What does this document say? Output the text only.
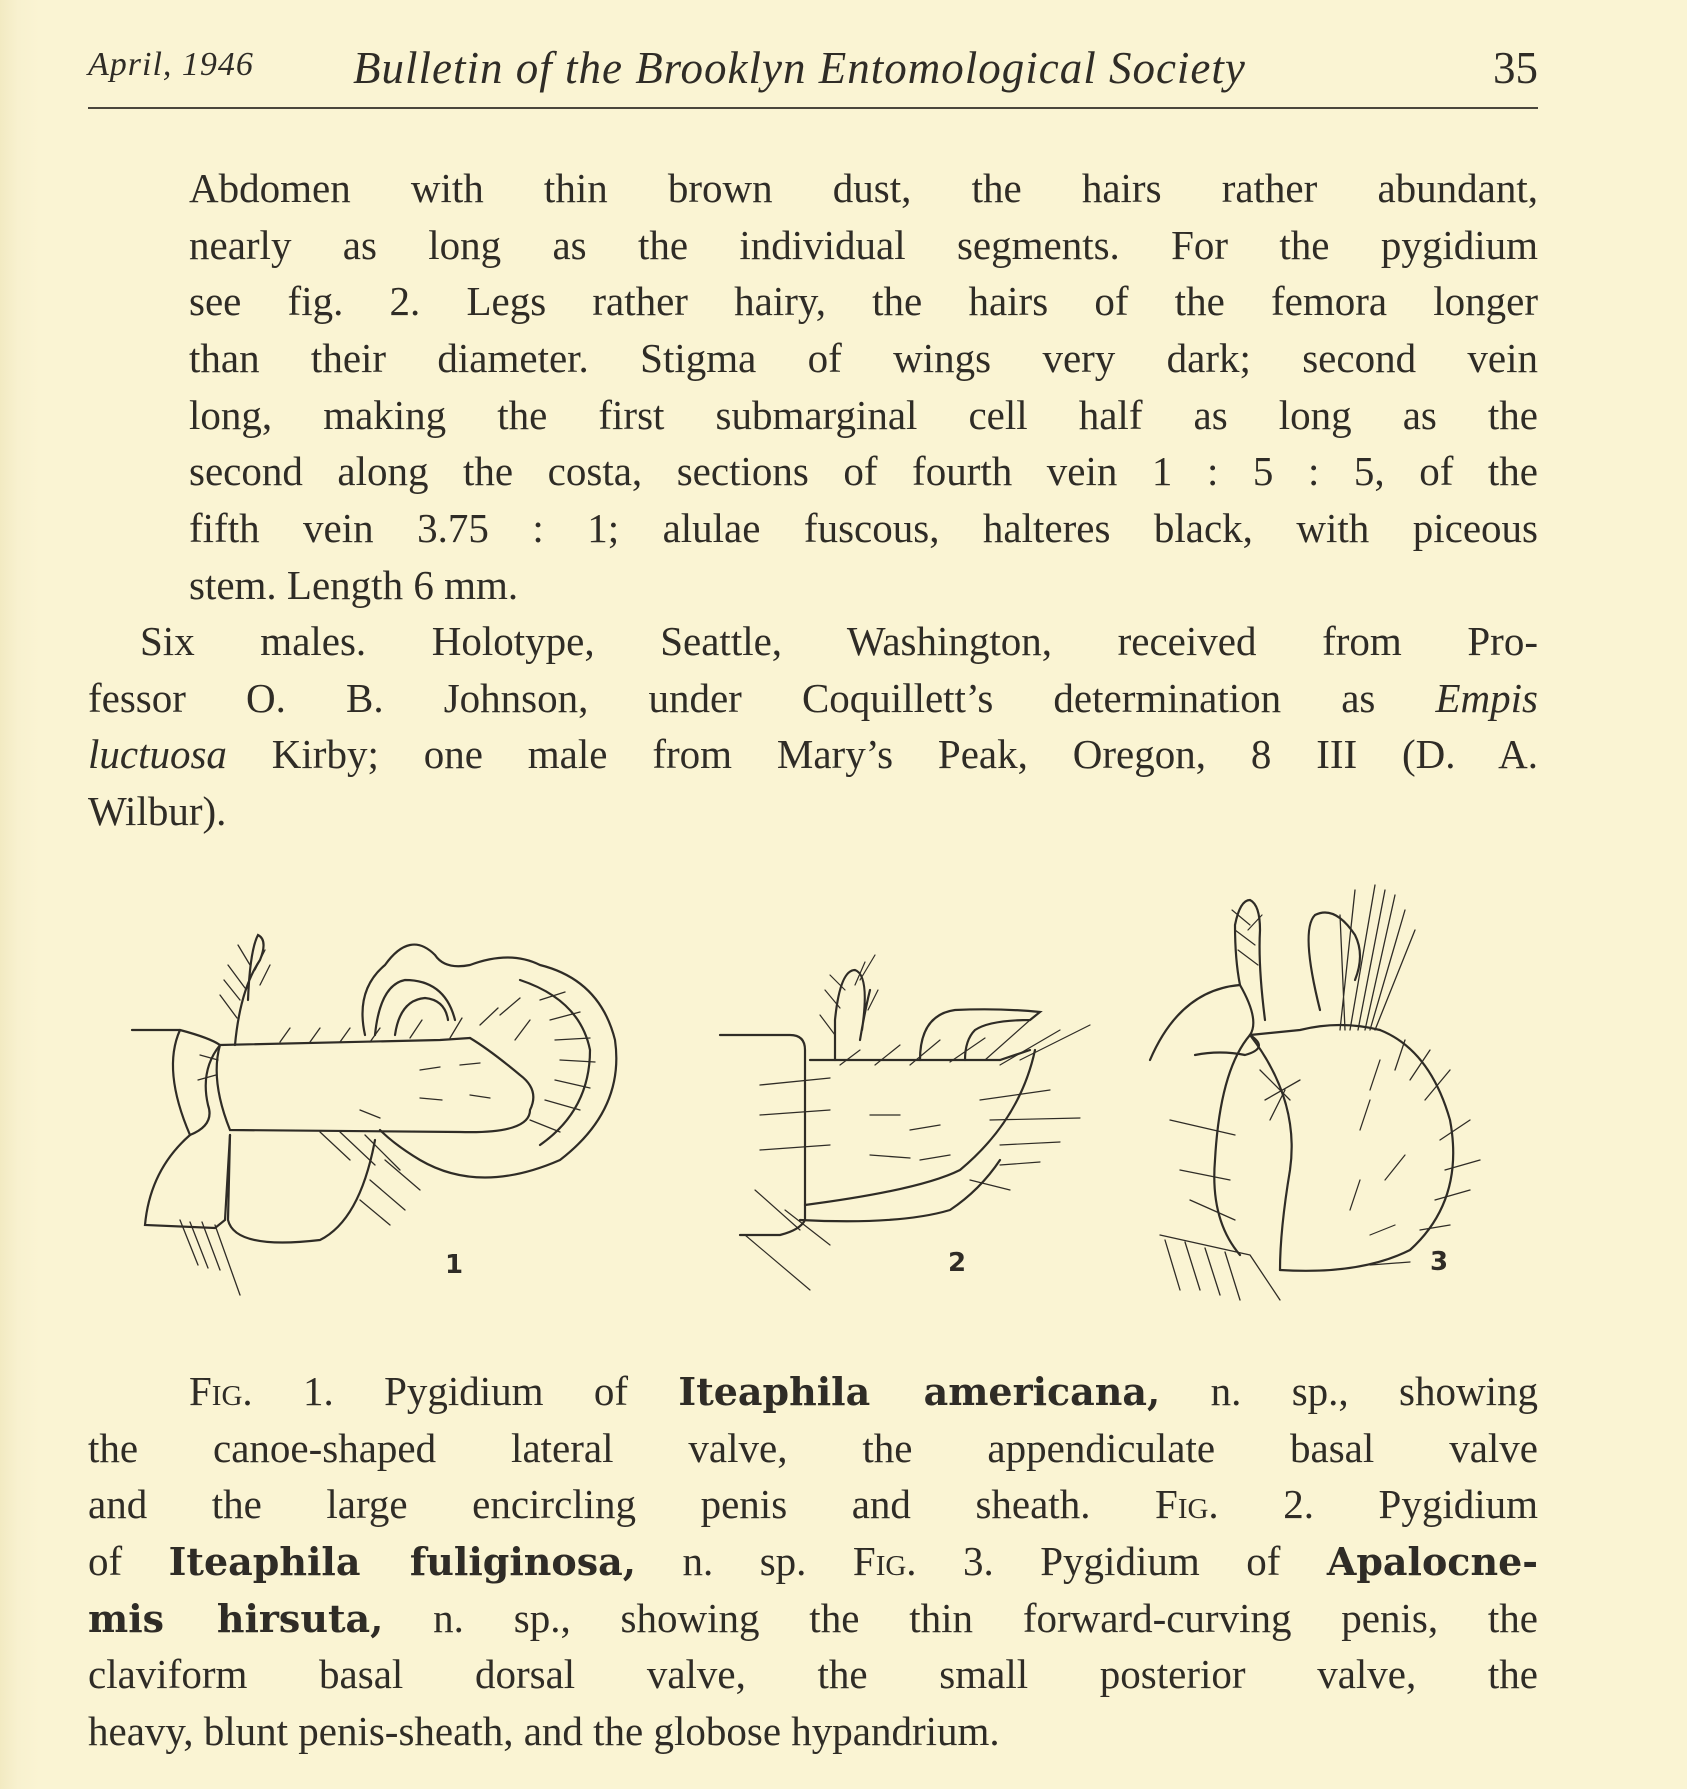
April, 1946 Bulletin of the Brooklyn Entomological Society	35
Abdomen with thin brown dust, the hairs rather abundant,
nearly as long as the individual segments. For the pygidium
see fig. 2. Legs rather hairy, the hairs of the femora longer
than their diameter. Stigma of wings very dark; second vein
long, making the first submarginal cell half as long as the
second along the costa, sections of fourth vein 1 : 5 : 5, of the
fifth vein 3.75 : 1; alulae fuscous, halteres black, with piceous
stem. Length 6 mm.
Six males. Holotype, Seattle, Washington, received from Pro-
fessor O. B. Johnson, under Coquillett’s determination as Empis
luctuosa Kirby; one male from Mary’s Peak, Oregon, 8 III (D. A.
Wilbur).
1	2	3
Fig. 1. Pygidium of Iteaphila americana, n. sp., showing
the canoe-shaped lateral valve, the appendiculate basal valve
and the large encircling penis and sheath. Fig. 2. Pygidium
of Iteaphila fuliginosa, n. sp. Fig. 3. Pygidium of Apalocne-
mis hirsuta, n. sp., showing the thin forward-curving penis, the
claviform basal dorsal valve, the small posterior valve, the
heavy, blunt penis-sheath, and the globose hypandrium.
